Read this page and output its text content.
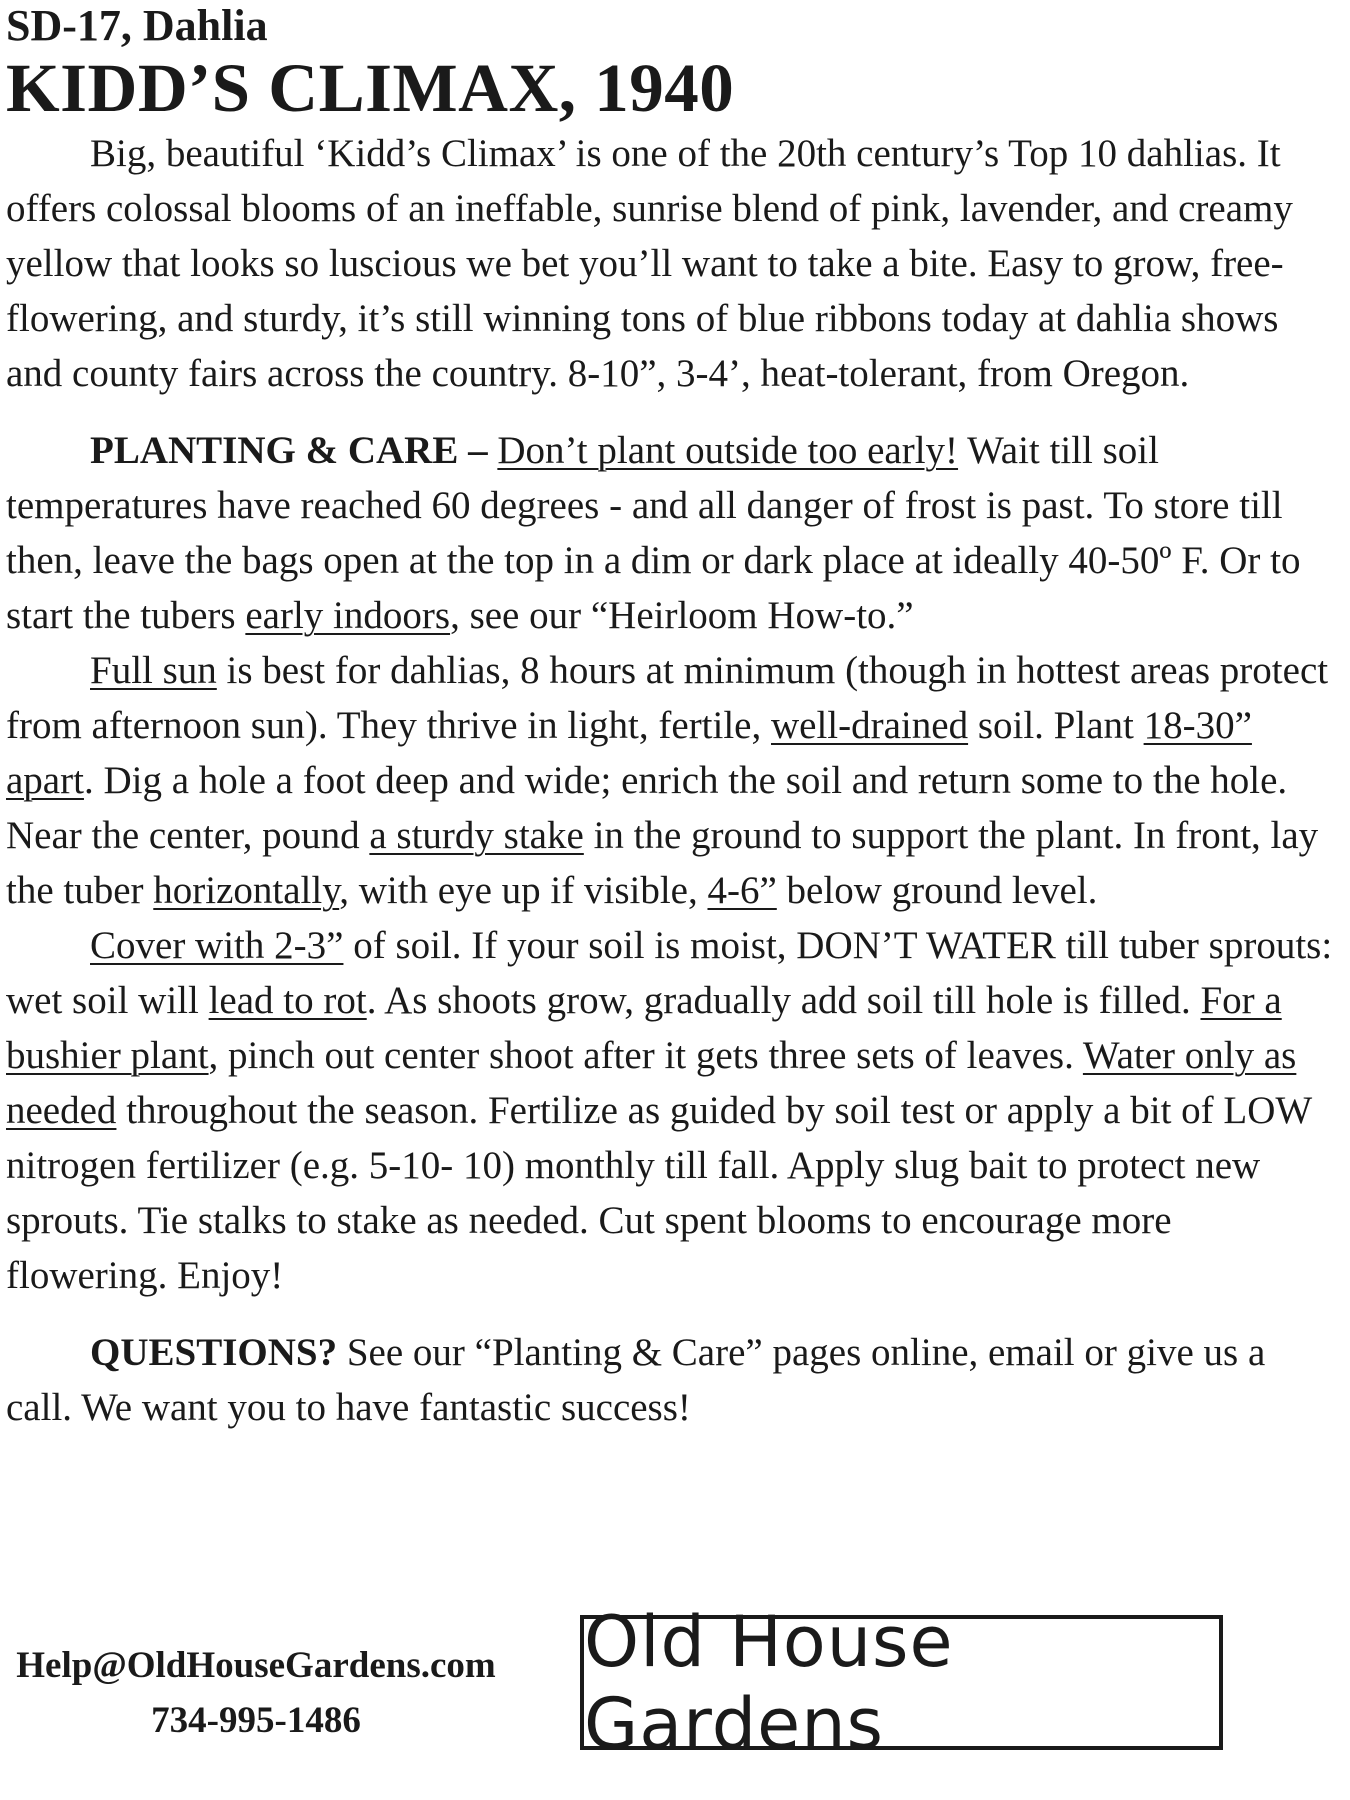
SD-17, Dahlia

KIDD’S CLIMAX, 1940

Big, beautiful ‘Kidd’s Climax’ is one of the 20th century’s Top 10 dahlias. It offers colossal blooms of an ineffable, sunrise blend of pink, lavender, and creamy yellow that looks so luscious we bet you’ll want to take a bite. Easy to grow, free-flowering, and sturdy, it’s still winning tons of blue ribbons today at dahlia shows and county fairs across the country. 8-10”, 3-4’, heat-tolerant, from Oregon.

PLANTING & CARE – Don’t plant outside too early! Wait till soil temperatures have reached 60 degrees - and all danger of frost is past. To store till then, leave the bags open at the top in a dim or dark place at ideally 40-50º F. Or to start the tubers early indoors, see our “Heirloom How-to.”

Full sun is best for dahlias, 8 hours at minimum (though in hottest areas protect from afternoon sun). They thrive in light, fertile, well-drained soil. Plant 18-30” apart. Dig a hole a foot deep and wide; enrich the soil and return some to the hole. Near the center, pound a sturdy stake in the ground to support the plant. In front, lay the tuber horizontally, with eye up if visible, 4-6” below ground level.

Cover with 2-3” of soil. If your soil is moist, DON’T WATER till tuber sprouts: wet soil will lead to rot. As shoots grow, gradually add soil till hole is filled. For a bushier plant, pinch out center shoot after it gets three sets of leaves. Water only as needed throughout the season. Fertilize as guided by soil test or apply a bit of LOW nitrogen fertilizer (e.g. 5-10- 10) monthly till fall. Apply slug bait to protect new sprouts. Tie stalks to stake as needed. Cut spent blooms to encourage more flowering. Enjoy!

QUESTIONS? See our “Planting & Care” pages online, email or give us a call. We want you to have fantastic success!

Help@OldHouseGardens.com
734-995-1486
Old House Gardens
